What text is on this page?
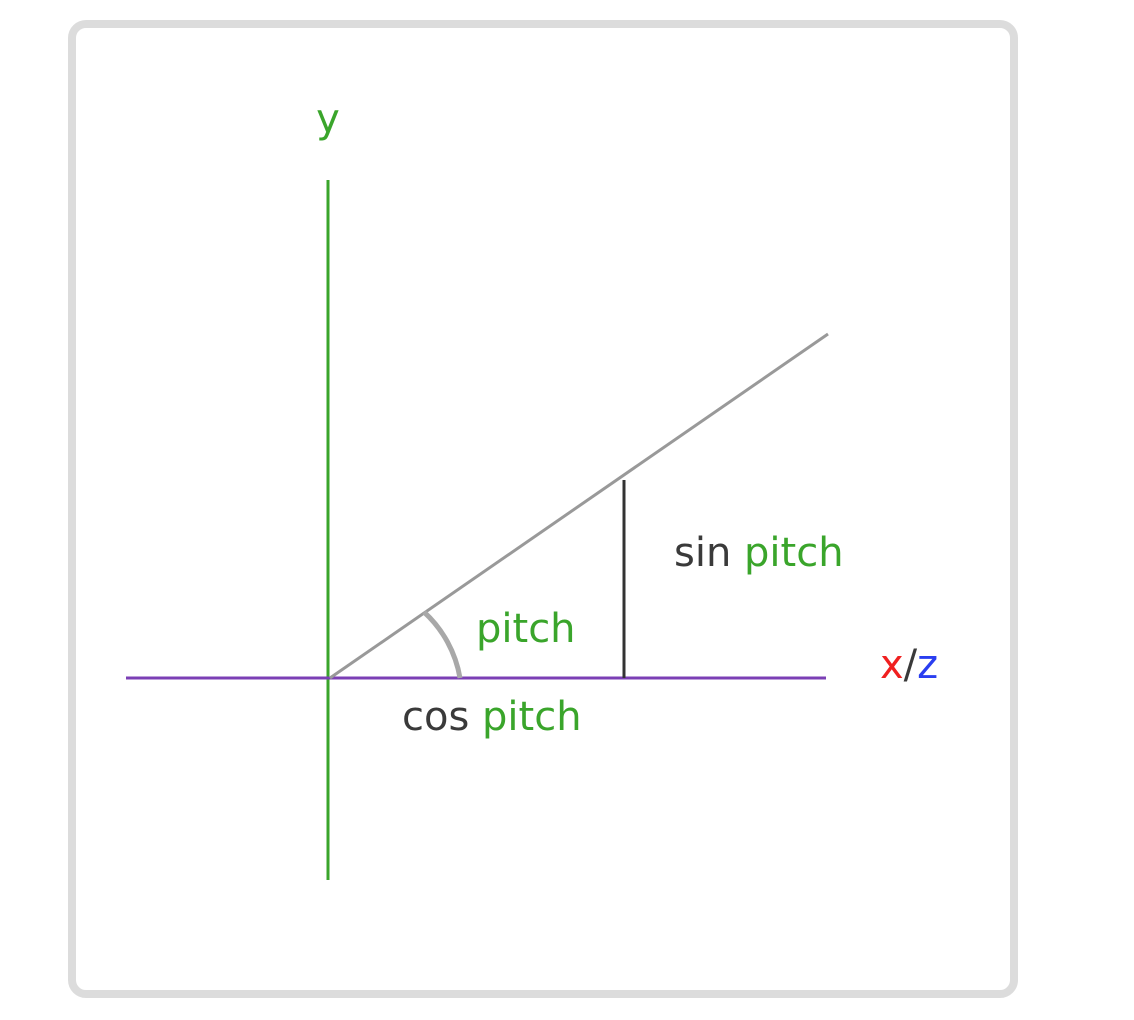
y
x/z
pitch
sin pitch
cos pitch
